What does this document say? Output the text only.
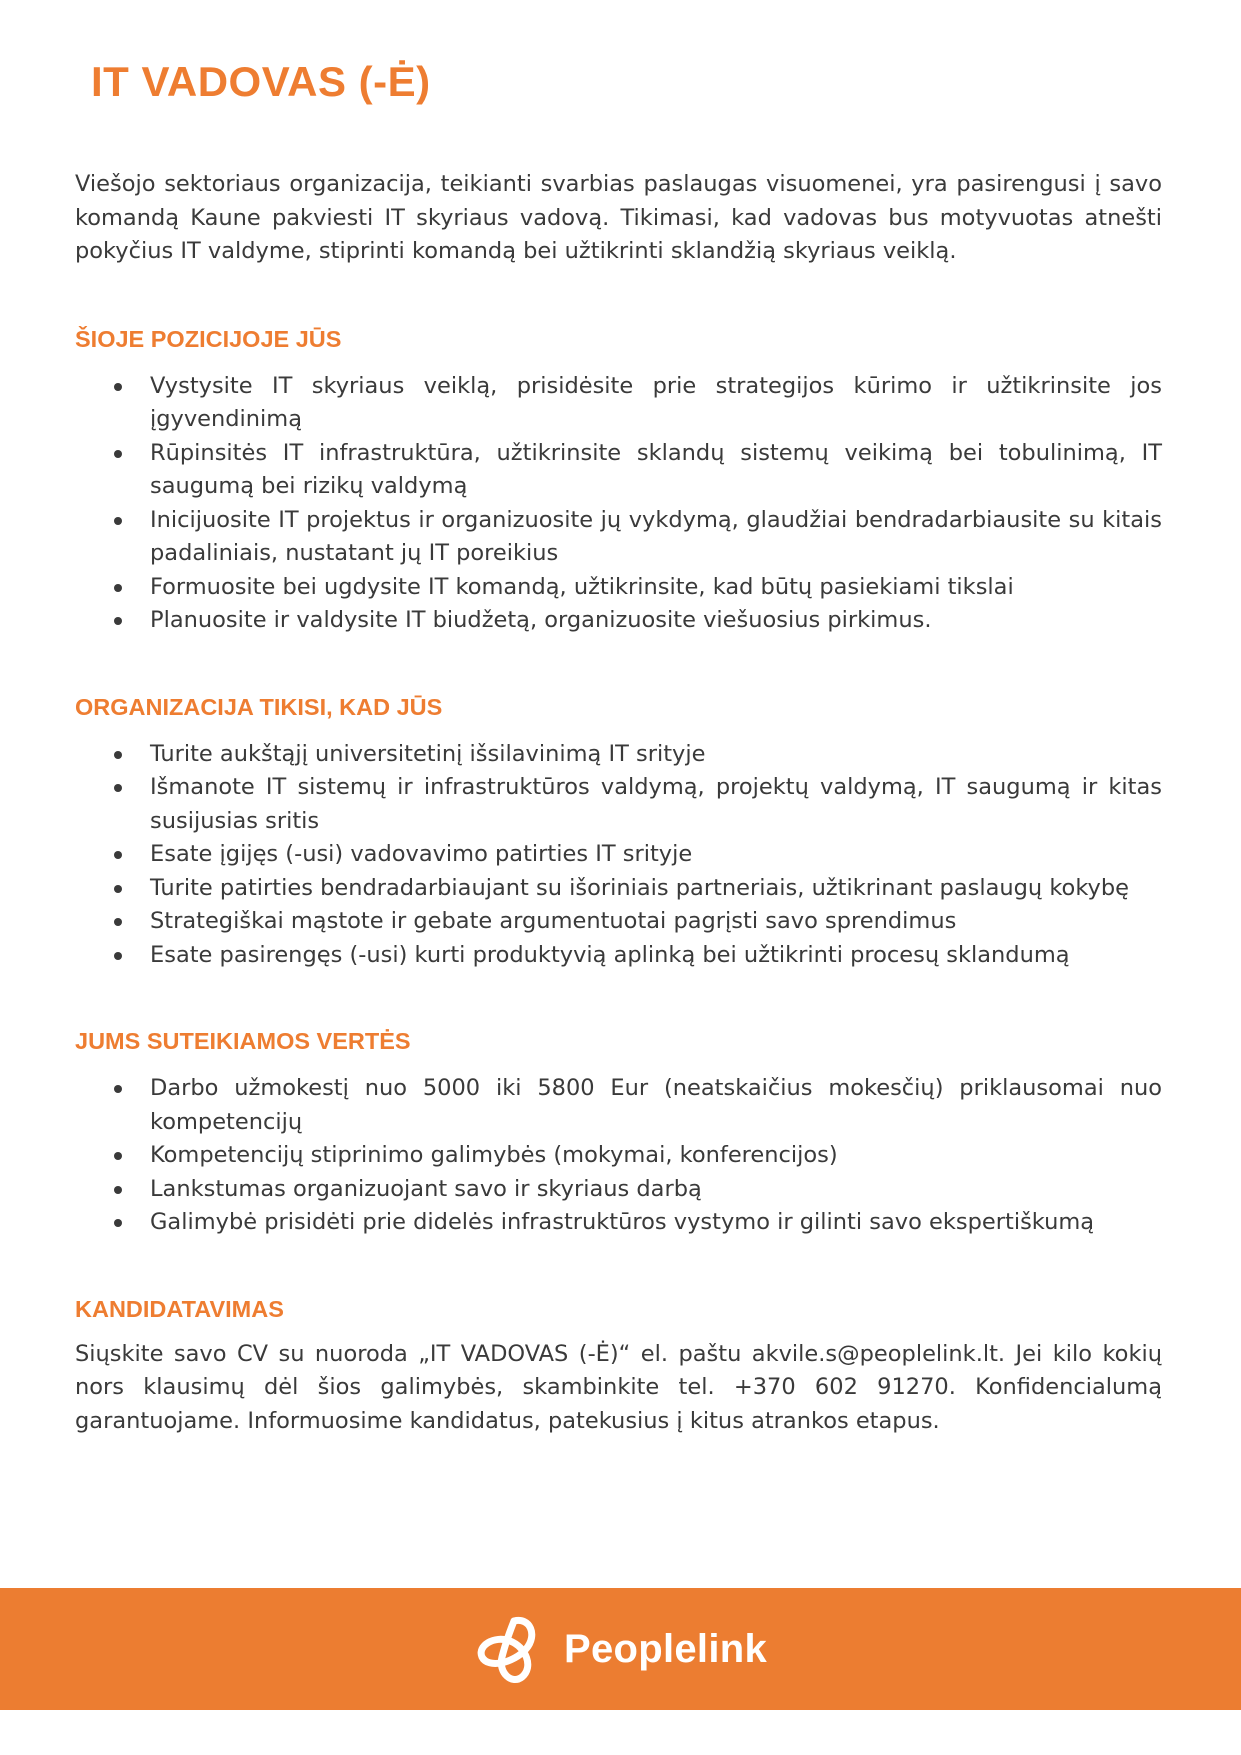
IT VADOVAS (-Ė)

Viešojo sektoriaus organizacija, teikianti svarbias paslaugas visuomenei, yra pasirengusi į savo komandą Kaune pakviesti IT skyriaus vadovą. Tikimasi, kad vadovas bus motyvuotas atnešti pokyčius IT valdyme, stiprinti komandą bei užtikrinti sklandžią skyriaus veiklą.

ŠIOJE POZICIJOJE JŪS
Vystysite IT skyriaus veiklą, prisidėsite prie strategijos kūrimo ir užtikrinsite jos įgyvendinimą
Rūpinsitės IT infrastruktūra, užtikrinsite sklandų sistemų veikimą bei tobulinimą, IT saugumą bei rizikų valdymą
Inicijuosite IT projektus ir organizuosite jų vykdymą, glaudžiai bendradarbiausite su kitais padaliniais, nustatant jų IT poreikius
Formuosite bei ugdysite IT komandą, užtikrinsite, kad būtų pasiekiami tikslai
Planuosite ir valdysite IT biudžetą, organizuosite viešuosius pirkimus.
ORGANIZACIJA TIKISI, KAD JŪS
Turite aukštąjį universitetinį išsilavinimą IT srityje
Išmanote IT sistemų ir infrastruktūros valdymą, projektų valdymą, IT saugumą ir kitas susijusias sritis
Esate įgijęs (-usi) vadovavimo patirties IT srityje
Turite patirties bendradarbiaujant su išoriniais partneriais, užtikrinant paslaugų kokybę
Strategiškai mąstote ir gebate argumentuotai pagrįsti savo sprendimus
Esate pasirengęs (-usi) kurti produktyvią aplinką bei užtikrinti procesų sklandumą
JUMS SUTEIKIAMOS VERTĖS
Darbo užmokestį nuo 5000 iki 5800 Eur (neatskaičius mokesčių) priklausomai nuo kompetencijų
Kompetencijų stiprinimo galimybės (mokymai, konferencijos)
Lankstumas organizuojant savo ir skyriaus darbą
Galimybė prisidėti prie didelės infrastruktūros vystymo ir gilinti savo ekspertiškumą
KANDIDATAVIMAS

Siųskite savo CV su nuoroda „IT VADOVAS (-Ė)“ el. paštu akvile.s@peoplelink.lt. Jei kilo kokių nors klausimų dėl šios galimybės, skambinkite tel. +370 602 91270. Konfidencialumą garantuojame. Informuosime kandidatus, patekusius į kitus atrankos etapus.

Peoplelink
